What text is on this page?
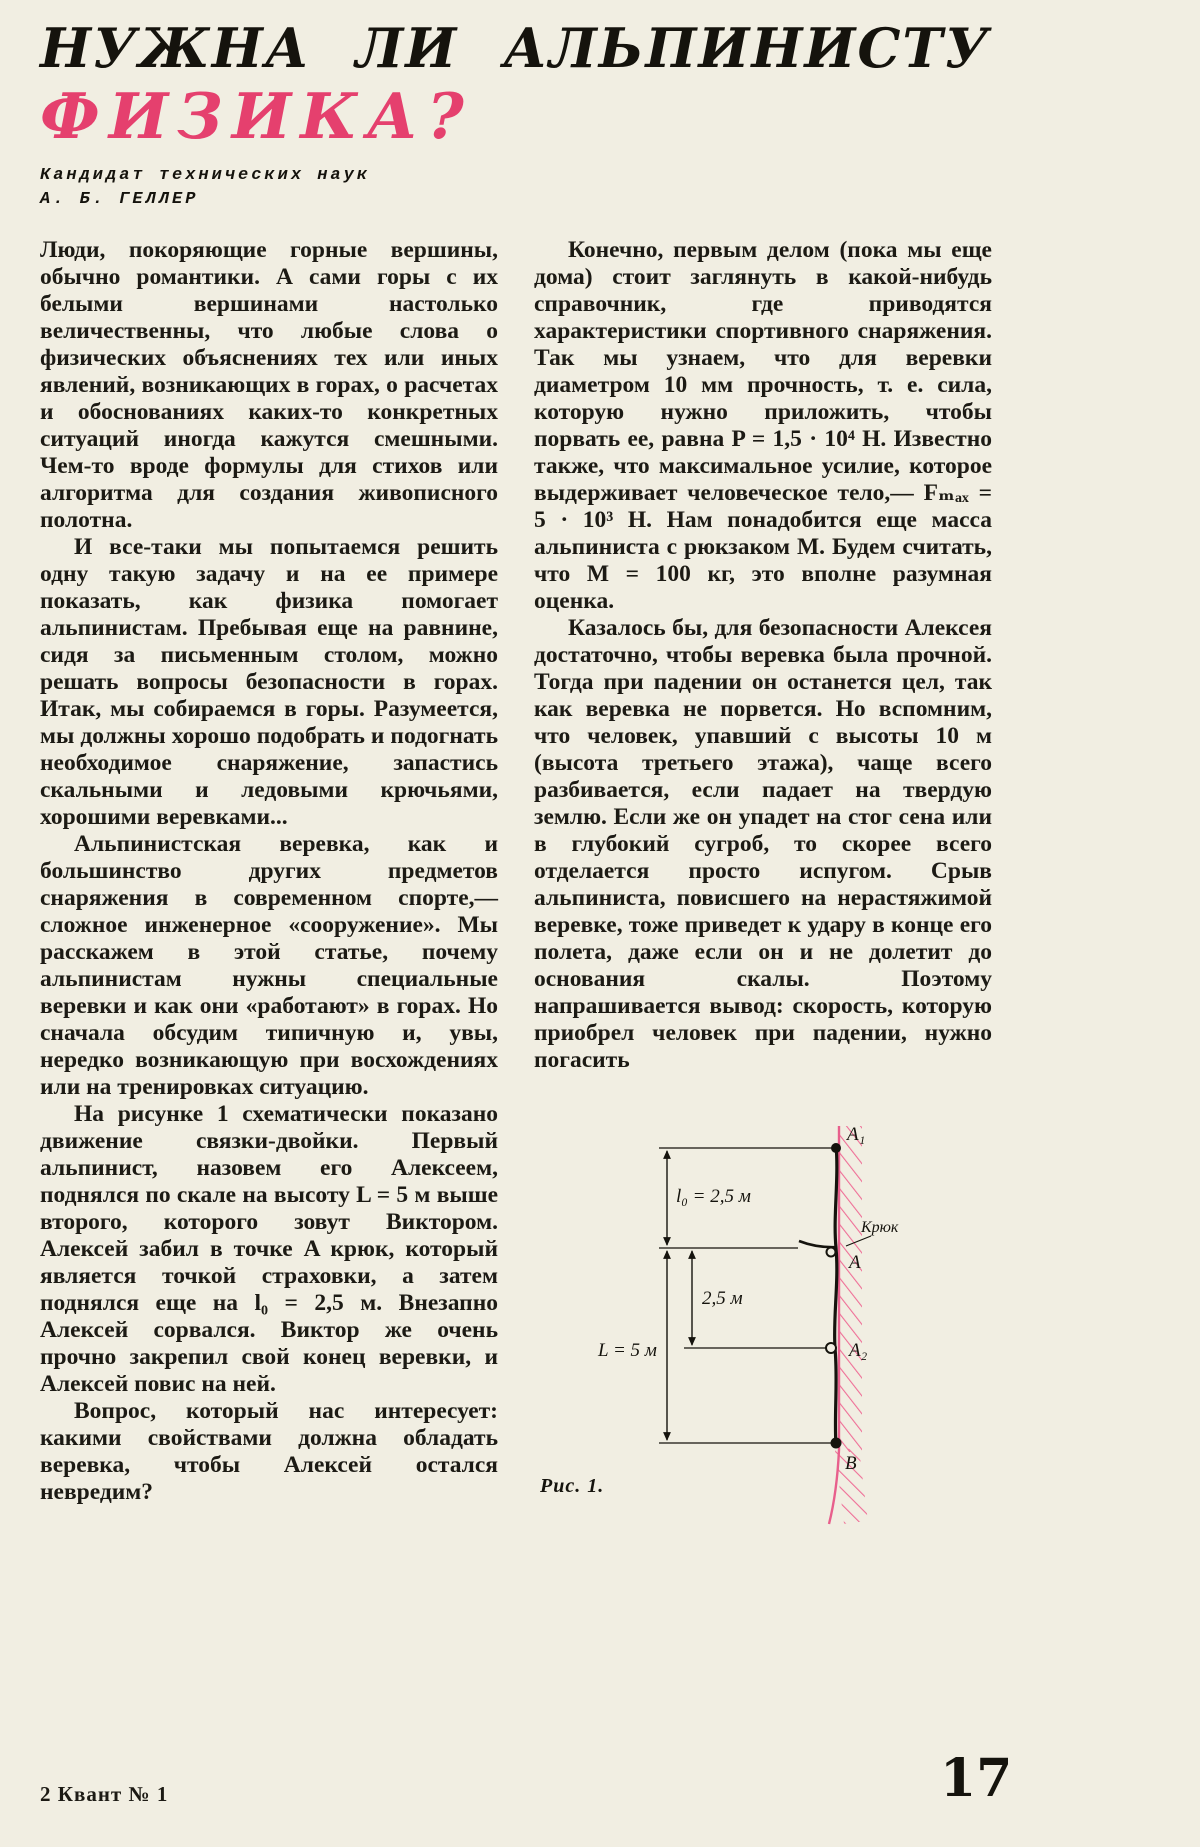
НУЖНА ЛИ АЛЬПИНИСТУ
ФИЗИКА?
Кандидат технических наук
А. Б. ГЕЛЛЕР

Люди, покоряющие горные вершины, обычно романтики. А сами горы с их белыми вершинами настолько величественны, что любые слова о физических объяснениях тех или иных явлений, возникающих в горах, о расчетах и обоснованиях каких-то конкретных ситуаций иногда кажутся смешными. Чем-то вроде формулы для стихов или алгоритма для создания живописного полотна.

И все-таки мы попытаемся решить одну такую задачу и на ее примере показать, как физика помогает альпинистам. Пребывая еще на равнине, сидя за письменным столом, можно решать вопросы безопасности в горах. Итак, мы собираемся в горы. Разумеется, мы должны хорошо подобрать и подогнать необходимое снаряжение, запастись скальными и ледовыми крючьями, хорошими веревками...

Альпинистская веревка, как и большинство других предметов снаряжения в современном спорте,— сложное инженерное «сооружение». Мы расскажем в этой статье, почему альпинистам нужны специальные веревки и как они «работают» в горах. Но сначала обсудим типичную и, увы, нередко возникающую при восхождениях или на тренировках ситуацию.

На рисунке 1 схематически показано движение связки-двойки. Первый альпинист, назовем его Алексеем, поднялся по скале на высоту L = 5 м выше второго, которого зовут Виктором. Алексей забил в точке A крюк, который является точкой страховки, а затем поднялся еще на l₀ = 2,5 м. Внезапно Алексей сорвался. Виктор же очень прочно закрепил свой конец веревки, и Алексей повис на ней.

Вопрос, который нас интересует: какими свойствами должна обладать веревка, чтобы Алексей остался невредим?

Конечно, первым делом (пока мы еще дома) стоит заглянуть в какой-нибудь справочник, где приводятся характеристики спортивного снаряжения. Так мы узнаем, что для веревки диаметром 10 мм прочность, т. е. сила, которую нужно приложить, чтобы порвать ее, равна P = 1,5 · 10⁴ Н. Известно также, что максимальное усилие, которое выдерживает человеческое тело,— Fₘₐₓ = 5 · 10³ Н. Нам понадобится еще масса альпиниста с рюкзаком M. Будем считать, что M = 100 кг, это вполне разумная оценка.

Казалось бы, для безопасности Алексея достаточно, чтобы веревка была прочной. Тогда при падении он останется цел, так как веревка не порвется. Но вспомним, что человек, упавший с высоты 10 м (высота третьего этажа), чаще всего разбивается, если падает на твердую землю. Если же он упадет на стог сена или в глубокий сугроб, то скорее всего отделается просто испугом. Срыв альпиниста, повисшего на нерастяжимой веревке, тоже приведет к удару в конце его полета, даже если он и не долетит до основания скалы. Поэтому напрашивается вывод: скорость, которую приобрел человек при падении, нужно погасить

A₁
Крюк
A
A₂
B
l₀ = 2,5 м
2,5 м
L = 5 м
Рис. 1.
2 Квант № 1	17
